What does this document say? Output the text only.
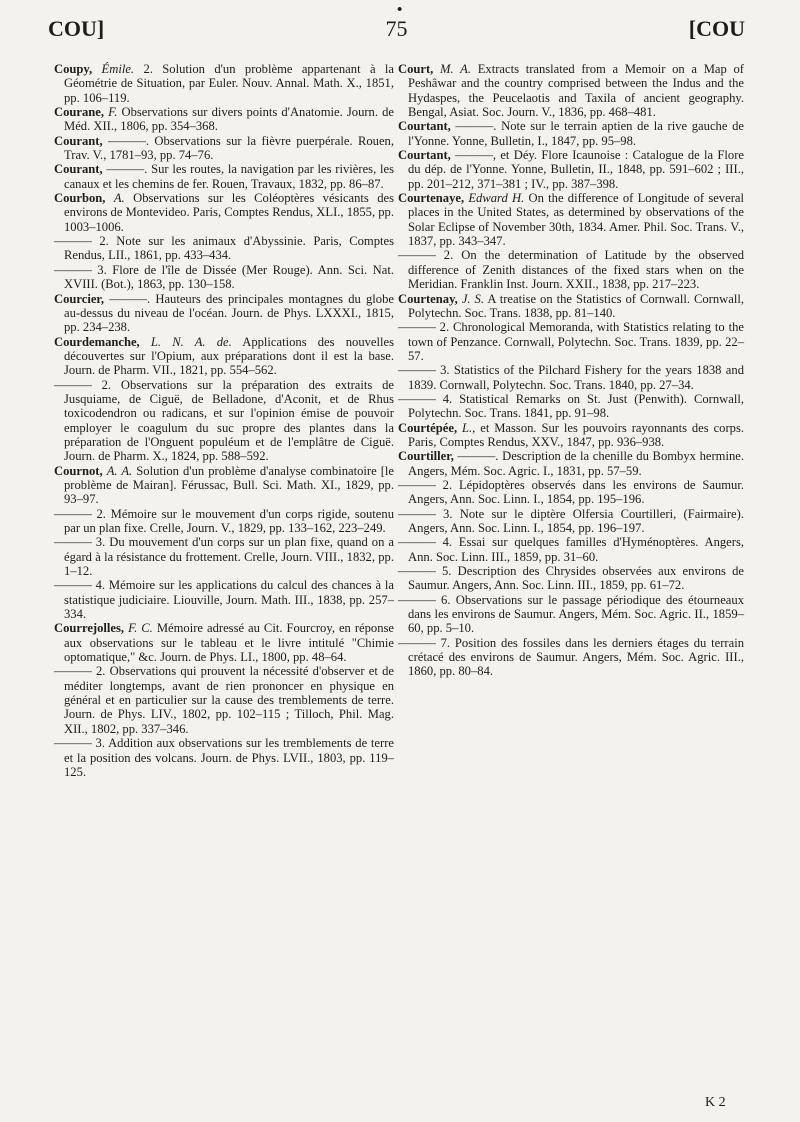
•
COU]	75	[COU

Coupy, Émile. 2. Solution d'un problème appartenant à la Géométrie de Situation, par Euler. Nouv. Annal. Math. X., 1851, pp. 106–119.

Courane, F. Observations sur divers points d'Anatomie. Journ. de Méd. XII., 1806, pp. 354–368.

Courant, ———. Observations sur la fièvre puerpérale. Rouen, Trav. V., 1781–93, pp. 74–76.

Courant, ———. Sur les routes, la navigation par les rivières, les canaux et les chemins de fer. Rouen, Travaux, 1832, pp. 86–87.

Courbon, A. Observations sur les Coléoptères vésicants des environs de Montevideo. Paris, Comptes Rendus, XLI., 1855, pp. 1003–1006.

——— 2. Note sur les animaux d'Abyssinie. Paris, Comptes Rendus, LII., 1861, pp. 433–434.

——— 3. Flore de l'île de Dissée (Mer Rouge). Ann. Sci. Nat. XVIII. (Bot.), 1863, pp. 130–158.

Courcier, ———. Hauteurs des principales montagnes du globe au-dessus du niveau de l'océan. Journ. de Phys. LXXXI., 1815, pp. 234–238.

Courdemanche, L. N. A. de. Applications des nouvelles découvertes sur l'Opium, aux préparations dont il est la base. Journ. de Pharm. VII., 1821, pp. 554–562.

——— 2. Observations sur la préparation des extraits de Jusquiame, de Ciguë, de Belladone, d'Aconit, et de Rhus toxicodendron ou radicans, et sur l'opinion émise de pouvoir employer le coagulum du suc propre des plantes dans la préparation de l'Onguent populéum et de l'emplâtre de Ciguë. Journ. de Pharm. X., 1824, pp. 588–592.

Cournot, A. A. Solution d'un problème d'analyse combinatoire [le problème de Mairan]. Férussac, Bull. Sci. Math. XI., 1829, pp. 93–97.

——— 2. Mémoire sur le mouvement d'un corps rigide, soutenu par un plan fixe. Crelle, Journ. V., 1829, pp. 133–162, 223–249.

——— 3. Du mouvement d'un corps sur un plan fixe, quand on a égard à la résistance du frottement. Crelle, Journ. VIII., 1832, pp. 1–12.

——— 4. Mémoire sur les applications du calcul des chances à la statistique judiciaire. Liouville, Journ. Math. III., 1838, pp. 257–334.

Courrejolles, F. C. Mémoire adressé au Cit. Fourcroy, en réponse aux observations sur le tableau et le livre intitulé "Chimie optomatique," &c. Journ. de Phys. LI., 1800, pp. 48–64.

——— 2. Observations qui prouvent la nécessité d'observer et de méditer longtemps, avant de rien prononcer en physique en général et en particulier sur la cause des tremblements de terre. Journ. de Phys. LIV., 1802, pp. 102–115 ; Tilloch, Phil. Mag. XII., 1802, pp. 337–346.

——— 3. Addition aux observations sur les tremblements de terre et la position des volcans. Journ. de Phys. LVII., 1803, pp. 119–125.

Court, M. A. Extracts translated from a Memoir on a Map of Peshâwar and the country comprised between the Indus and the Hydaspes, the Peucelaotis and Taxila of ancient geography. Bengal, Asiat. Soc. Journ. V., 1836, pp. 468–481.

Courtant, ———. Note sur le terrain aptien de la rive gauche de l'Yonne. Yonne, Bulletin, I., 1847, pp. 95–98.

Courtant, ———, et Déy. Flore Icaunoise : Catalogue de la Flore du dép. de l'Yonne. Yonne, Bulletin, II., 1848, pp. 591–602 ; III., pp. 201–212, 371–381 ; IV., pp. 387–398.

Courtenaye, Edward H. On the difference of Longitude of several places in the United States, as determined by observations of the Solar Eclipse of November 30th, 1834. Amer. Phil. Soc. Trans. V., 1837, pp. 343–347.

——— 2. On the determination of Latitude by the observed difference of Zenith distances of the fixed stars when on the Meridian. Franklin Inst. Journ. XXII., 1838, pp. 217–223.

Courtenay, J. S. A treatise on the Statistics of Cornwall. Cornwall, Polytechn. Soc. Trans. 1838, pp. 81–140.

——— 2. Chronological Memoranda, with Statistics relating to the town of Penzance. Cornwall, Polytechn. Soc. Trans. 1839, pp. 22–57.

——— 3. Statistics of the Pilchard Fishery for the years 1838 and 1839. Cornwall, Polytechn. Soc. Trans. 1840, pp. 27–34.

——— 4. Statistical Remarks on St. Just (Penwith). Cornwall, Polytechn. Soc. Trans. 1841, pp. 91–98.

Courtépée, L., et Masson. Sur les pouvoirs rayonnants des corps. Paris, Comptes Rendus, XXV., 1847, pp. 936–938.

Courtiller, ———. Description de la chenille du Bombyx hermine. Angers, Mém. Soc. Agric. I., 1831, pp. 57–59.

——— 2. Lépidoptères observés dans les environs de Saumur. Angers, Ann. Soc. Linn. I., 1854, pp. 195–196.

——— 3. Note sur le diptère Olfersia Courtilleri, (Fairmaire). Angers, Ann. Soc. Linn. I., 1854, pp. 196–197.

——— 4. Essai sur quelques familles d'Hyménoptères. Angers, Ann. Soc. Linn. III., 1859, pp. 31–60.

——— 5. Description des Chrysides observées aux environs de Saumur. Angers, Ann. Soc. Linn. III., 1859, pp. 61–72.

——— 6. Observations sur le passage périodique des étourneaux dans les environs de Saumur. Angers, Mém. Soc. Agric. II., 1859–60, pp. 5–10.

——— 7. Position des fossiles dans les derniers étages du terrain crétacé des environs de Saumur. Angers, Mém. Soc. Agric. III., 1860, pp. 80–84.

K 2
